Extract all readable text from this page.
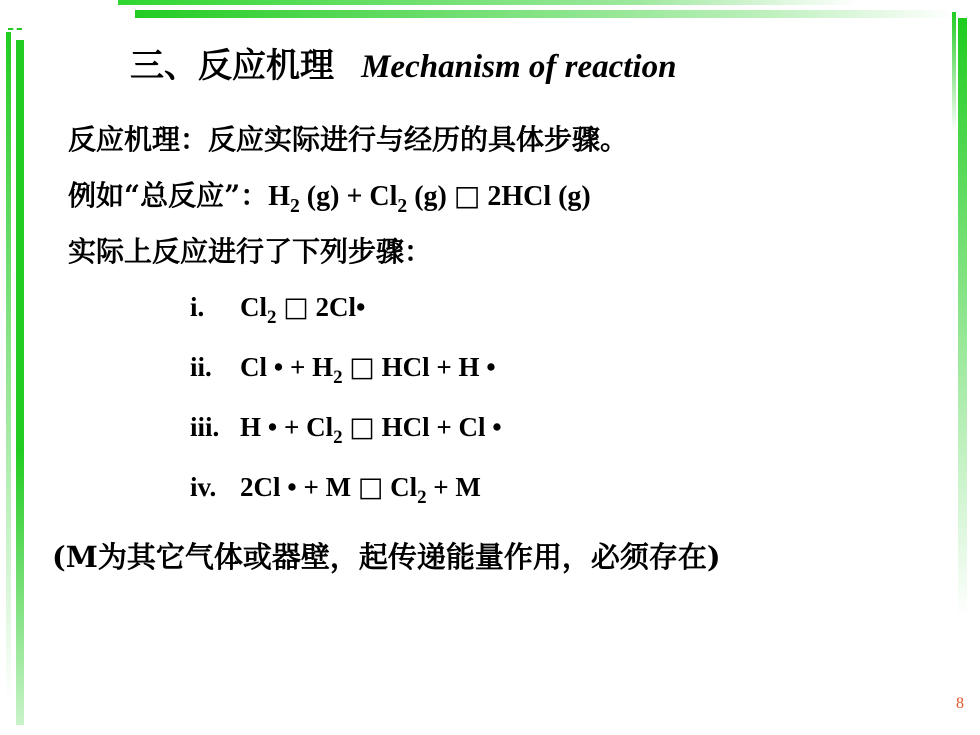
三、反应机理 Mechanism of reaction
反应机理：反应实际进行与经历的具体步骤。
例如“总反应”：$H_2$ $(g) + Cl_2$ (g) □ 2HCl (g)
实际上反应进行了下列步骤：
i. $Cl_2$ □ 2Cl•
ii. Cl • + $H_2$ □ HCl + H •
iii. H • + $Cl_2$ □ HCl + Cl •
iv. 2Cl • + M □ $Cl_2 + M$
(M为其它气体或器壁，起传递能量作用，必须存在)
8
